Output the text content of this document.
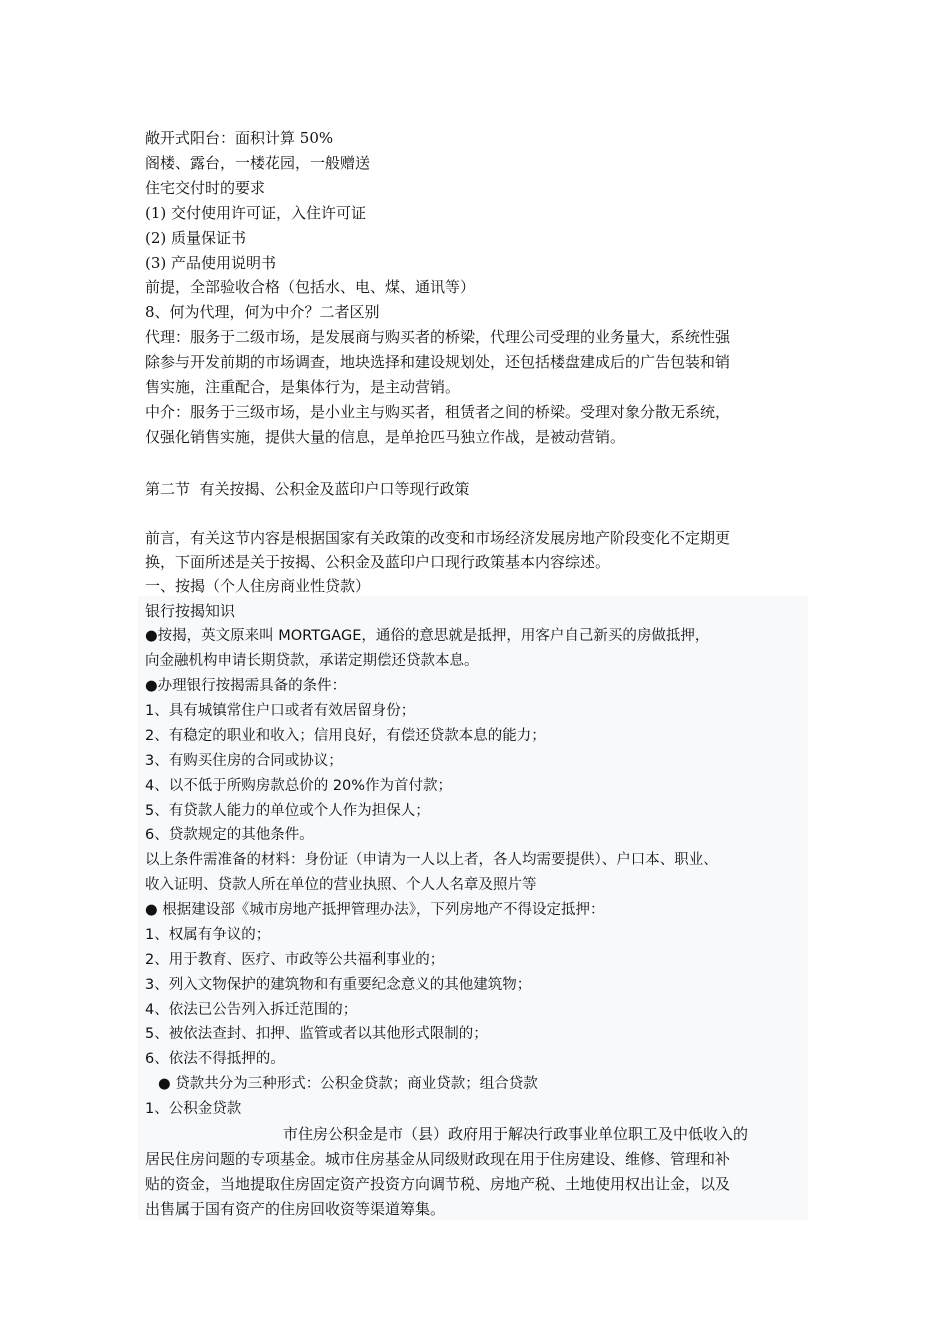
敞开式阳台：面积计算 50%
阁楼、露台，一楼花园，一般赠送
住宅交付时的要求
(1) 交付使用许可证，入住许可证
(2) 质量保证书
(3) 产品使用说明书
前提，全部验收合格（包括水、电、煤、通讯等）
8、何为代理，何为中介？二者区别
代理：服务于二级市场，是发展商与购买者的桥梁，代理公司受理的业务量大，系统性强
除参与开发前期的市场调查，地块选择和建设规划处，还包括楼盘建成后的广告包装和销
售实施，注重配合，是集体行为，是主动营销。
中介：服务于三级市场，是小业主与购买者，租赁者之间的桥梁。受理对象分散无系统，
仅强化销售实施，提供大量的信息，是单抢匹马独立作战，是被动营销。
第二节  有关按揭、公积金及蓝印户口等现行政策
前言，有关这节内容是根据国家有关政策的改变和市场经济发展房地产阶段变化不定期更
换，下面所述是关于按揭、公积金及蓝印户口现行政策基本内容综述。
一、按揭（个人住房商业性贷款）
银行按揭知识
●按揭，英文原来叫 MORTGAGE，通俗的意思就是抵押，用客户自己新买的房做抵押，
向金融机构申请长期贷款，承诺定期偿还贷款本息。
●办理银行按揭需具备的条件：
1、具有城镇常住户口或者有效居留身份；
2、有稳定的职业和收入；信用良好，有偿还贷款本息的能力；
3、有购买住房的合同或协议；
4、以不低于所购房款总价的 20%作为首付款；
5、有贷款人能力的单位或个人作为担保人；
6、贷款规定的其他条件。
以上条件需准备的材料：身份证（申请为一人以上者，各人均需要提供）、户口本、职业、
收入证明、贷款人所在单位的营业执照、个人人名章及照片等
● 根据建设部《城市房地产抵押管理办法》，下列房地产不得设定抵押：
1、权属有争议的；
2、用于教育、医疗、市政等公共福利事业的；
3、列入文物保护的建筑物和有重要纪念意义的其他建筑物；
4、依法已公告列入拆迁范围的；
5、被依法查封、扣押、监管或者以其他形式限制的；
6、依法不得抵押的。
● 贷款共分为三种形式：公积金贷款；商业贷款；组合贷款
1、公积金贷款
市住房公积金是市（县）政府用于解决行政事业单位职工及中低收入的
居民住房问题的专项基金。城市住房基金从同级财政现在用于住房建设、维修、管理和补
贴的资金，当地提取住房固定资产投资方向调节税、房地产税、土地使用权出让金，以及
出售属于国有资产的住房回收资等渠道筹集。
